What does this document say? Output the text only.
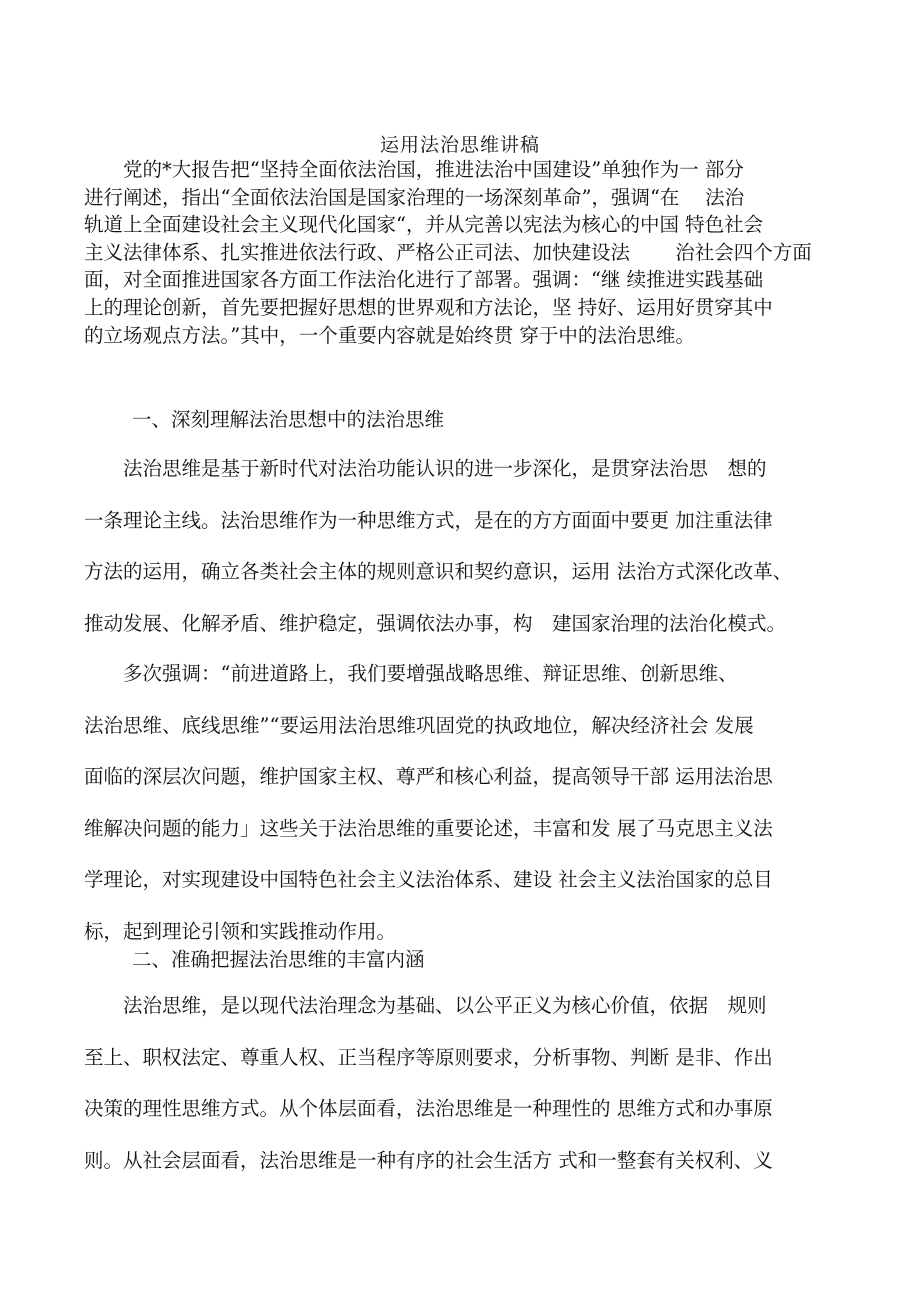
运用法治思维讲稿
　　党的*大报告把“坚持全面依法治国，推进法治中国建设”单独作为一 部分
进行阐述，指出“全面依法治国是国家治理的一场深刻革命”，强调“在　 法治
轨道上全面建设社会主义现代化国家“，并从完善以宪法为核心的中国 特色社会
主义法律体系、扎实推进依法行政、严格公正司法、加快建设法　　 治社会四个方面
面，对全面推进国家各方面工作法治化进行了部署。强调：“继 续推进实践基础
上的理论创新，首先要把握好思想的世界观和方法论，坚 持好、运用好贯穿其中
的立场观点方法。”其中，一个重要内容就是始终贯 穿于中的法治思维。
一、深刻理解法治思想中的法治思维
　　法治思维是基于新时代对法治功能认识的进一步深化，是贯穿法治思　想的
一条理论主线。法治思维作为一种思维方式，是在的方方面面中要更 加注重法律
方法的运用，确立各类社会主体的规则意识和契约意识，运用 法治方式深化改革、
推动发展、化解矛盾、维护稳定，强调依法办事，构　建国家治理的法治化模式。
　　多次强调：“前进道路上，我们要增强战略思维、辩证思维、创新思维、
法治思维、底线思维”“要运用法治思维巩固党的执政地位，解决经济社会 发展
面临的深层次问题，维护国家主权、尊严和核心利益，提高领导干部 运用法治思
维解决问题的能力」这些关于法治思维的重要论述，丰富和发 展了马克思主义法
学理论，对实现建设中国特色社会主义法治体系、建设 社会主义法治国家的总目
标，起到理论引领和实践推动作用。
二、准确把握法治思维的丰富内涵
　　法治思维，是以现代法治理念为基础、以公平正义为核心价值，依据　规则
至上、职权法定、尊重人权、正当程序等原则要求，分析事物、判断 是非、作出
决策的理性思维方式。从个体层面看，法治思维是一种理性的 思维方式和办事原
则。从社会层面看，法治思维是一种有序的社会生活方 式和一整套有关权利、义
